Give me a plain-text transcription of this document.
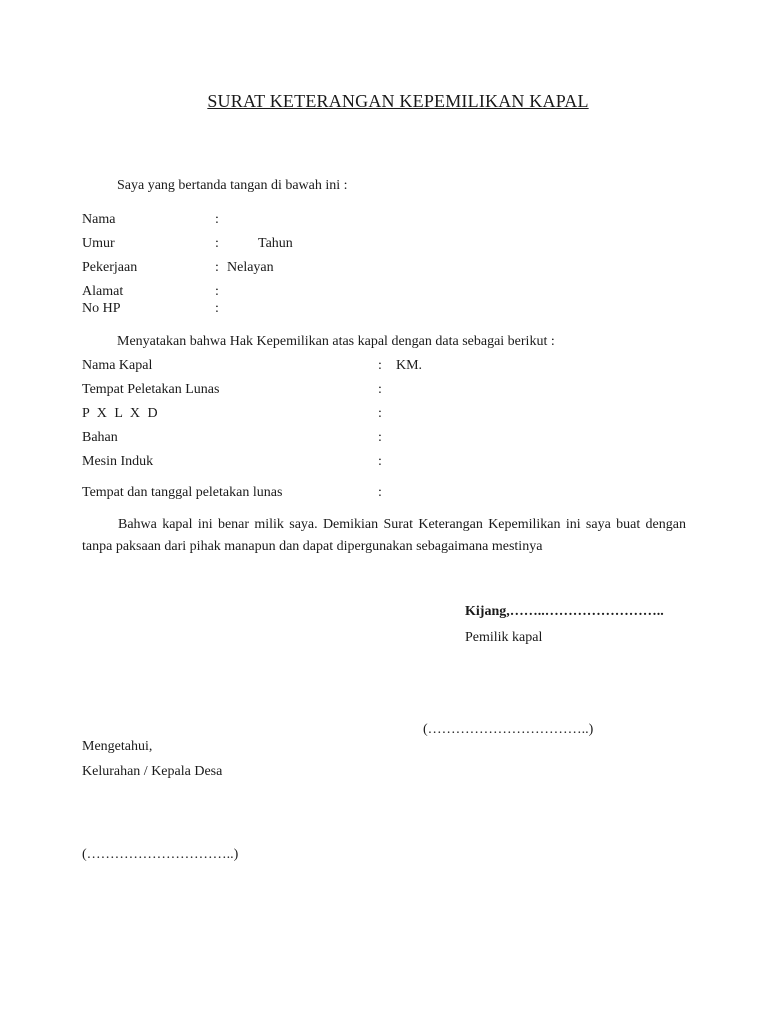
SURAT KETERANGAN KEPEMILIKAN KAPAL
Saya yang bertanda tangan di bawah ini :
Nama	:
Umur	:	Tahun
Pekerjaan	: Nelayan
Alamat	:
No HP	:
Menyatakan bahwa Hak Kepemilikan atas kapal dengan data sebagai berikut :
Nama Kapal	: KM.
Tempat Peletakan Lunas	:
P X L X D	:
Bahan	:
Mesin Induk	:
Tempat dan tanggal peletakan lunas	:
Bahwa kapal ini benar milik saya. Demikian Surat Keterangan Kepemilikan ini saya buat dengan tanpa paksaan dari pihak manapun dan dapat dipergunakan sebagaimana mestinya
Kijang,……..……………………..
Pemilik kapal
(……………………………..)
Mengetahui,
Kelurahan / Kepala Desa
(…………………………..)
